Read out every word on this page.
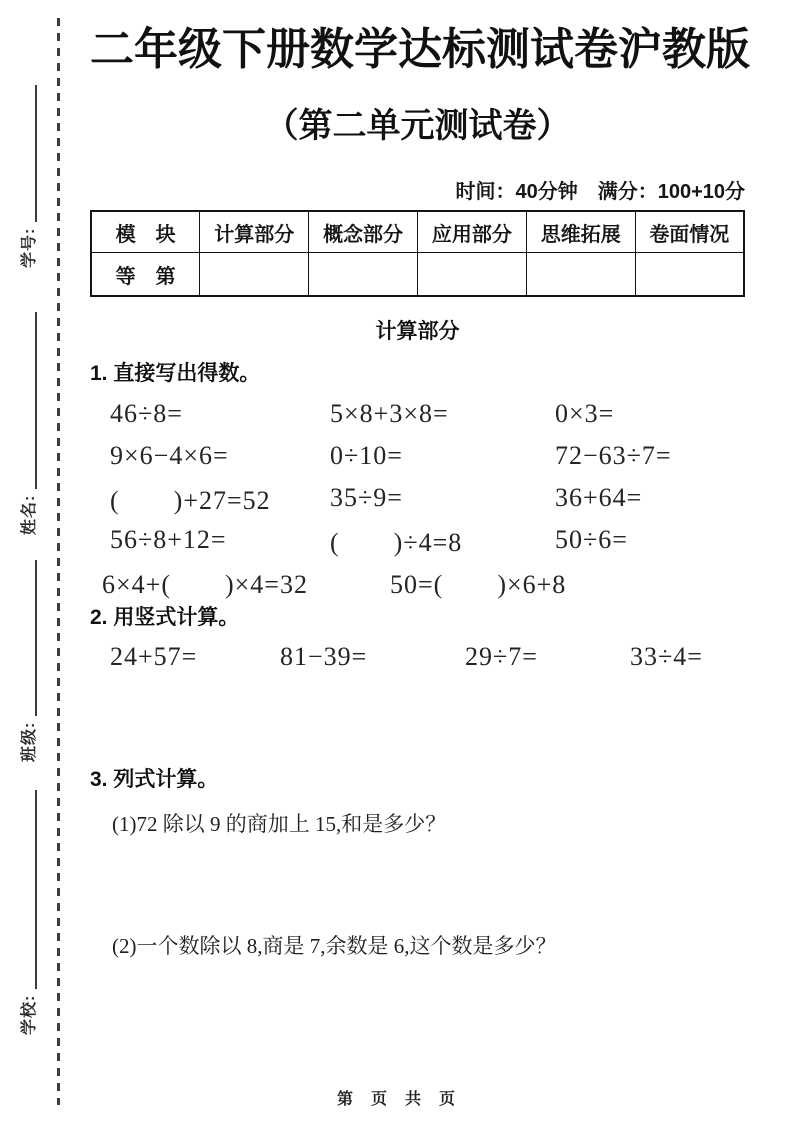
学号:
姓名:
班级:
学校:
二年级下册数学达标测试卷沪教版
（第二单元测试卷）
时间：40分钟　满分：100+10分
模　块	计算部分	概念部分	应用部分	思维拓展	卷面情况
等　第					
计算部分
1. 直接写出得数。
46÷8=	5×8+3×8=	0×3=
9×6−4×6=	0÷10=	72−63÷7=
(　　)+27=52	35÷9=	36+64=
56÷8+12=	(　　)÷4=8	50÷6=
6×4+(　　)×4=32	50=(　　)×6+8
2. 用竖式计算。
24+57=	81−39=	29÷7=	33÷4=
3. 列式计算。
(1)72 除以 9 的商加上 15,和是多少？
(2)一个数除以 8,商是 7,余数是 6,这个数是多少？
第　页　共　页
